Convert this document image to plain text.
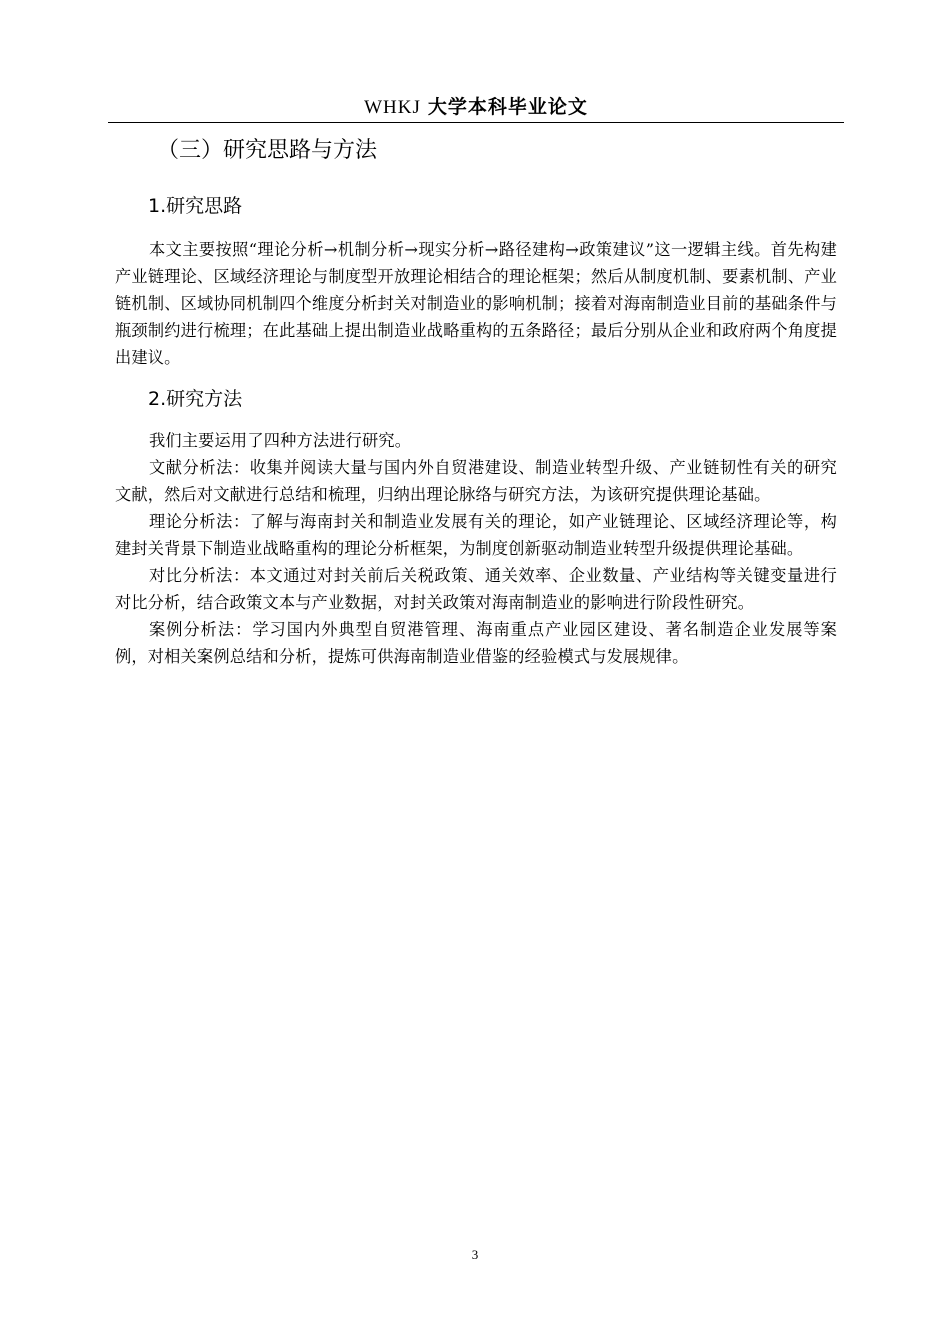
WHKJ 大学本科毕业论文
（三）研究思路与方法
1.研究思路

本文主要按照“理论分析→机制分析→现实分析→路径建构→政策建议”这一逻辑主线。首先构建产业链理论、区域经济理论与制度型开放理论相结合的理论框架；然后从制度机制、要素机制、产业链机制、区域协同机制四个维度分析封关对制造业的影响机制；接着对海南制造业目前的基础条件与瓶颈制约进行梳理；在此基础上提出制造业战略重构的五条路径；最后分别从企业和政府两个角度提出建议。

2.研究方法

我们主要运用了四种方法进行研究。

文献分析法：收集并阅读大量与国内外自贸港建设、制造业转型升级、产业链韧性有关的研究文献，然后对文献进行总结和梳理，归纳出理论脉络与研究方法，为该研究提供理论基础。

理论分析法：了解与海南封关和制造业发展有关的理论，如产业链理论、区域经济理论等，构建封关背景下制造业战略重构的理论分析框架，为制度创新驱动制造业转型升级提供理论基础。

对比分析法：本文通过对封关前后关税政策、通关效率、企业数量、产业结构等关键变量进行对比分析，结合政策文本与产业数据，对封关政策对海南制造业的影响进行阶段性研究。

案例分析法：学习国内外典型自贸港管理、海南重点产业园区建设、著名制造企业发展等案例，对相关案例总结和分析，提炼可供海南制造业借鉴的经验模式与发展规律。

3
